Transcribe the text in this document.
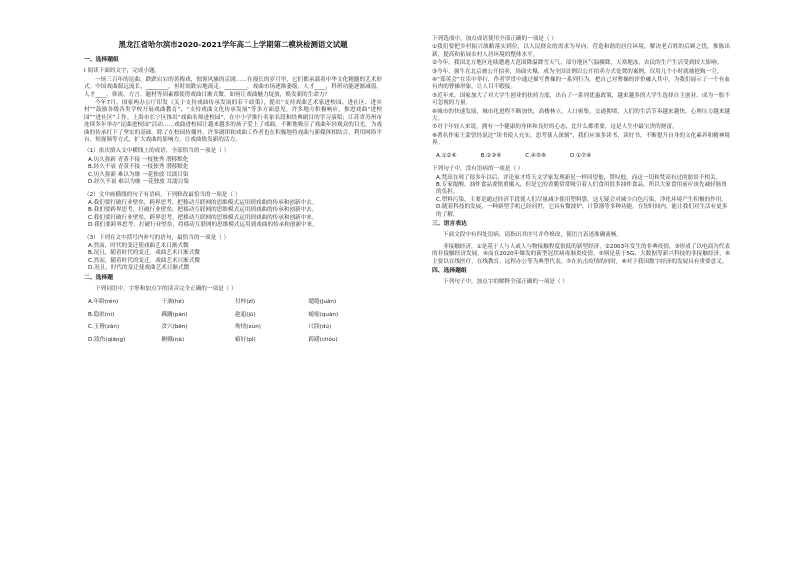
黑龙江省哈尔滨市2020-2021学年高二上学期第二模块检测语文试题
一、选择题组
Ⅰ 阅读下面的文字，完成小题。
一场三百年的昆曲，跌跌宕宕的黄梅戏，独领风骚的京剧……在漫长的岁月里，它们都承载着中华文化精髓的艺术形式。中国戏曲源远流长，________。但时间跌宕地流走，________，戏曲市场逐渐萎缩，人才____，科班功能逐渐减弱。人才____，韩流、方言、题材等因素都使得戏曲日渐式微。如何让戏曲魅力绽放，焕发新的生命力？
今年7月，国家两办公厅印发《关于支持戏曲传承发展的若干政策》，提出“支持戏曲艺术家进校园、进社区、进乡村”“鼓励各级各类学校开展戏曲教育”，“支持戏曲文化传承发展”等多方面意见。许多地方积极响应，推进戏曲“进校园”“进社区”工作。上海市长宁区推出“戏曲名师进校园”，在中小学推行名家名段和经典剧目的学习演唱；江苏省苏州市连续多年举办“昆曲进校园”活动……戏曲进校园让越来越多的孩子爱上了戏曲。不断地吸引了戏曲年轻观众的目光，为戏曲的传承打下了坚实的基础。除了在校园传播外，许多剧团和戏曲工作者也在积极地将戏曲与新媒体相结合，利用网络平台、短视频等方式，扩大戏曲的影响力，让戏曲焕发新的活力。
（1）依次填入文中横线上的成语，全部恰当的一项是（ ）
A.历久弥新 青黄不接 一枝独秀 潜移默化
B.经久不衰 青黄不接 一枝独秀 潜移默化
C.历久弥新 难以为继 一花独放 耳濡目染
D.经久不衰 难以为继 一花独放 耳濡目染
（2）文中画横线的句子有语病，下列修改最恰当的一项是（ ）
A.我们要打破行业壁垒，跨界思考，把移动互联网的思维模式运用到戏曲的传承和创新中去。
B.我们要跨界思考，打破行业壁垒，把移动互联网的思维模式运用到戏曲的传承和创新中去。
C.我们要打破行业壁垒，跨界思考，把移动互联网的思维模式运用到戏曲的传承和创新中来。
D.我们要跨界思考，打破行业壁垒，将移动互联网的思维模式运用到戏曲的传承和创新中来。
（3）下列在文中括号内补写的语句，最恰当的一项是（ ）
A.然而，时代的变迁使戏曲艺术日渐式微
B.况且，随着时代的变迁，戏曲艺术日渐式微
C.然而，随着时代的变迁，戏曲艺术日渐式微
D.况且，时代的变迁使戏曲艺术日渐式微
二、选择题
下列词语中，字形和加点字的读音完全正确的一项是（ ）
A.年龄(rén)	干涸(hé)	付梓(zǐ)	缱绻(juǎn)
B.隐匿(nì)	蹒跚(pán)	趑趄(jū)	蜷缩(quán)
C.玉簪(zān)	贲穴(bēn)	徇情(xùn)	尺牍(dú)
D.戕伤(qiāng)	婀娜(nà)	癖好(pǐ)	踌躇(chóu)
下列选项中，加点成语使用全部正确的一项是（ ）
①我们要把乡村振兴战略落实到位，以人民群众的需求为导向，营造和谐的居住环境，解决老百姓的后顾之忧，推陈出新，提高和拓展农村人居环境的整体水平。
②今年，我国北方地区连续遭遇大范围降温降雪天气，部分地区气温骤降，天寒地冻，农民的生产生活受到较大影响。
③今年，强生在北京被公开拍卖，场面火爆，成为全国首例以公开拍卖方式处置的案例，仅用几个小时就被抢购一空。
④“郑英会”在乐中举行，作者罗贯中通过描写曹操的一系列行为，把自己对曹操的评价融入其中，为我们展示了一个有血有肉的曹操形象，让人目不暇接。
⑤近年来，国家加大了对大学生创业的扶持力度，出台了一系列优惠政策，越来越多的大学生选择自主创业，成为一股不可忽视的力量。
⑥城市的快速发展，城市化进程不断加快，高楼林立，人口密集，交通拥堵，人们的生活节奏越来越快，心理压力越来越大。
⑦对于年轻人来说，拥有一个健康的身体和良好的心态，比什么都重要，这是人生中最宝贵的财富。
⑧著名作家王蒙曾经说过“读书使人充实，思考使人深刻”，我们应该多读书，读好书，不断提升自身的文化素养和精神境界。
A.①②⑥	B.②③⑥	C.④⑤⑧	D.①⑦⑧
下列句子中，没有语病的一项是（ ）
A.梵高在现了很多年以后，评论家才将天文学家发现新星一样回望他，赞叹他，而这一切和梵高有过的愿景不相关。
B.专家提醒，油炸食品要慎重摄入，但是它的香脆常常吸引着人们食用很多油炸食品，所以大家食用前应该先减轻肠胃的负担。
C.塑料污染，主要是通过经济手段使人们尽量减少使用塑料袋，这无疑会对减少白色污染，净化环境产生积极的作用。
D.随着科技的发展，一种新型手机已经问世，它具有微波炉、计算器等多种功能，在短时间内，能让我们对生活有更多的了解。
三、语言表达
下面文段中有四处语病，请指出其序号并作修改，使语言表述准确流畅。
非接触经济，①是基于人与人或人与物接触程度很低的新型经济，②2003年发生的非典疫情，③形成了以电商为代表的非接触经济发展。④而在2020年爆发的新型冠状病毒肺炎疫情，⑤则是基于5G、大数据等新兴科技的非接触经济，⑥主要以在线医疗、在线教育、远程办公等为典型代表，⑦在抗击疫情的同时，⑧对于我国数字经济的发展具有重要意义。
四、选择题组
下列句子中，加点字的解释全部正确的一项是（ ）
